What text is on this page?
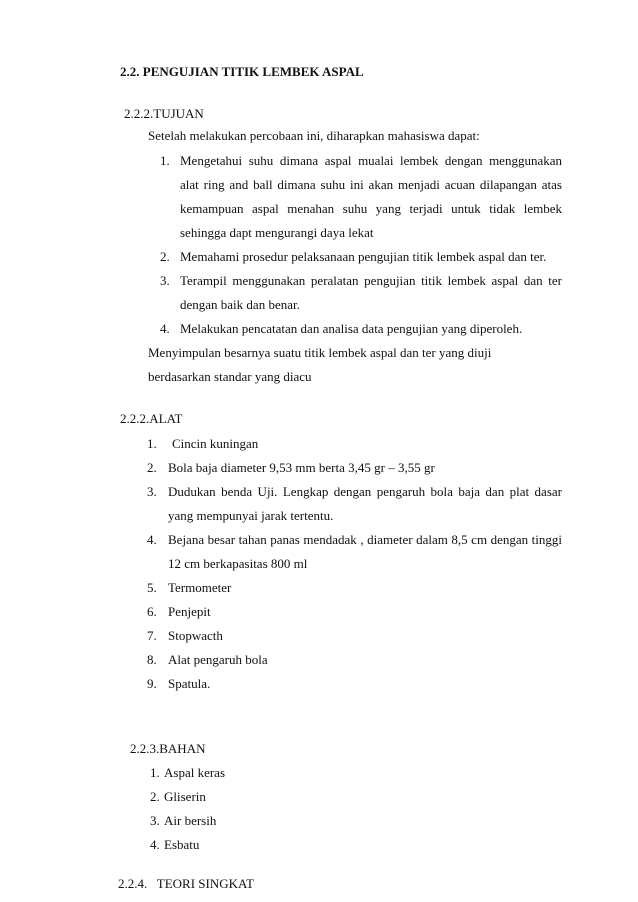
2.2. PENGUJIAN TITIK LEMBEK ASPAL
2.2.2.TUJUAN
Setelah melakukan percobaan ini, diharapkan mahasiswa dapat:
1. Mengetahui suhu dimana aspal mualai lembek dengan menggunakan
alat ring and ball dimana suhu ini akan menjadi acuan dilapangan atas
kemampuan aspal menahan suhu yang terjadi untuk tidak lembek
sehingga dapt mengurangi daya lekat
2. Memahami prosedur pelaksanaan pengujian titik lembek aspal dan ter.
3. Terampil menggunakan peralatan pengujian titik lembek aspal dan ter
dengan baik dan benar.
4. Melakukan pencatatan dan analisa data pengujian yang diperoleh.
Menyimpulan besarnya suatu titik lembek aspal dan ter yang diuji
berdasarkan standar yang diacu
2.2.2.ALAT
1. Cincin kuningan
2. Bola baja diameter 9,53 mm berta 3,45 gr – 3,55 gr
3. Dudukan benda Uji. Lengkap dengan pengaruh bola baja dan plat dasar
yang mempunyai jarak tertentu.
4. Bejana besar tahan panas mendadak , diameter dalam 8,5 cm dengan tinggi
12 cm berkapasitas 800 ml
5. Termometer
6. Penjepit
7. Stopwacth
8. Alat pengaruh bola
9. Spatula.
2.2.3.BAHAN
1. Aspal keras
2. Gliserin
3. Air bersih
4. Esbatu
2.2.4.   TEORI SINGKAT
